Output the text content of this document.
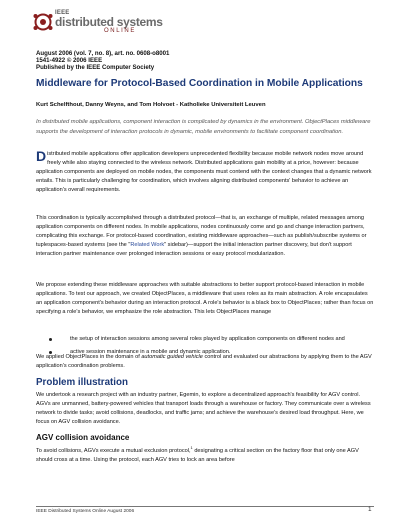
IEEE
distributed systems
ONLINE
August 2006 (vol. 7, no. 8), art. no. 0608-o8001
1541-4922 © 2006 IEEE
Published by the IEEE Computer Society
Middleware for Protocol-Based Coordination in Mobile Applications
Kurt Schelfthout, Danny Weyns, and Tom Holvoet - Katholieke Universiteit Leuven
In distributed mobile applications, component interaction is complicated by dynamics in the environment. ObjectPlaces middleware supports the development of interaction protocols in dynamic, mobile environments to facilitate component coordination.
Distributed mobile applications offer application developers unprecedented flexibility because mobile network nodes move around freely while also staying connected to the wireless network. Distributed applications gain mobility at a price, however: because application components are deployed on mobile nodes, the components must contend with the context changes that a dynamic network entails. This is particularly challenging for coordination, which involves aligning distributed components' behavior to achieve an application's overall requirements.
This coordination is typically accomplished through a distributed protocol—that is, an exchange of multiple, related messages among application components on different nodes. In mobile applications, nodes continuously come and go and change interaction partners, complicating this exchange. For protocol-based coordination, existing middleware approaches—such as publish/subscribe systems or tuplespaces-based systems (see the "Related Work" sidebar)—support the initial interaction partner discovery, but don't support interaction partner maintenance over prolonged interaction sessions or easy protocol modularization.
We propose extending these middleware approaches with suitable abstractions to better support protocol-based interaction in mobile applications. To test our approach, we created ObjectPlaces, a middleware that uses roles as its main abstraction. A role encapsulates an application component's behavior during an interaction protocol. A role's behavior is a black box to ObjectPlaces; rather than focus on specifying a role's behavior, we emphasize the role abstraction. This lets ObjectPlaces manage
the setup of interaction sessions among several roles played by application components on different nodes and
active session maintenance in a mobile and dynamic application.
We applied ObjectPlaces in the domain of automatic guided vehicle control and evaluated our abstractions by applying them to the AGV application's coordination problems.
Problem illustration
We undertook a research project with an industry partner, Egemin, to explore a decentralized approach's feasibility for AGV control. AGVs are unmanned, battery-powered vehicles that transport loads through a warehouse or factory. They communicate over a wireless network to divide tasks; avoid collisions, deadlocks, and traffic jams; and achieve the warehouse's desired load throughput. Here, we focus on AGV collision avoidance.
AGV collision avoidance
To avoid collisions, AGVs execute a mutual exclusion protocol,$^1$ designating a critical section on the factory floor that only one AGV should cross at a time. Using the protocol, each AGV tries to lock an area before
IEEE Distributed Systems Online August 2006	1
